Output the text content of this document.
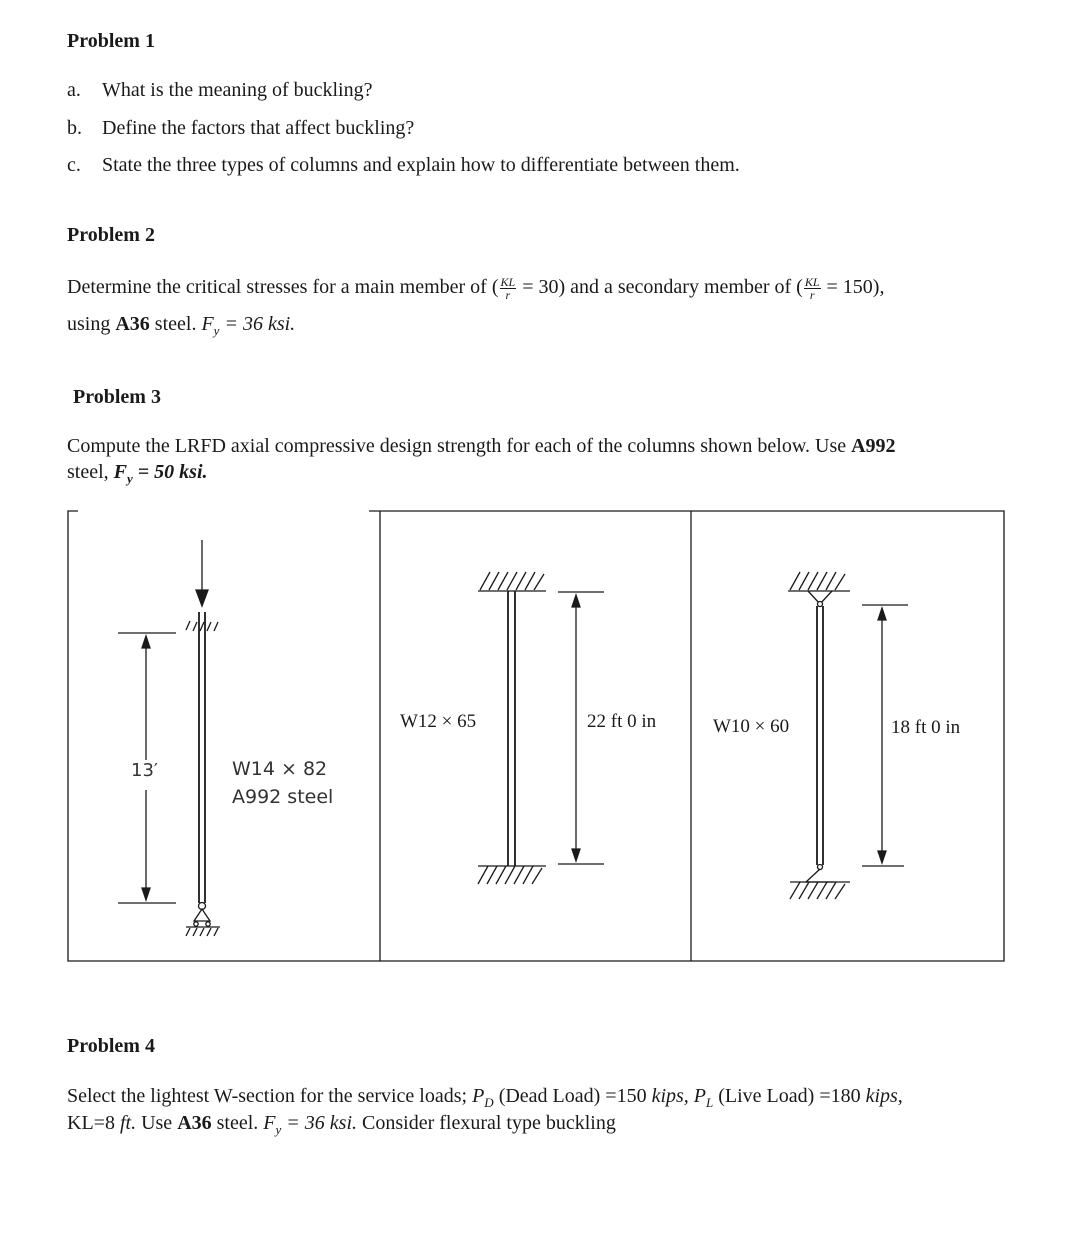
Problem 1
a. What is the meaning of buckling?
b. Define the factors that affect buckling?
c. State the three types of columns and explain how to differentiate between them.
Problem 2
Determine the critical stresses for a main member of ( $\frac{KL}{r} = 30$) and a secondary member of ( $\frac{KL}{r} = 150$),
using A36 steel. $F_y = 36$ ksi.
Problem 3
Compute the LRFD axial compressive design strength for each of the columns shown below. Use A992
steel, $F_y = 50$ ksi.
13′	W14 × 82
A992 steel
W12 × 65	22 ft 0 in	W10 × 60	18 ft 0 in
Problem 4
Select the lightest W-section for the service loads; $P_D$ (Dead Load) =150 kips, $P_L$ (Live Load) =180 kips,
KL=8 ft. Use A36 steel. $F_y = 36$ ksi. Consider flexural type buckling
